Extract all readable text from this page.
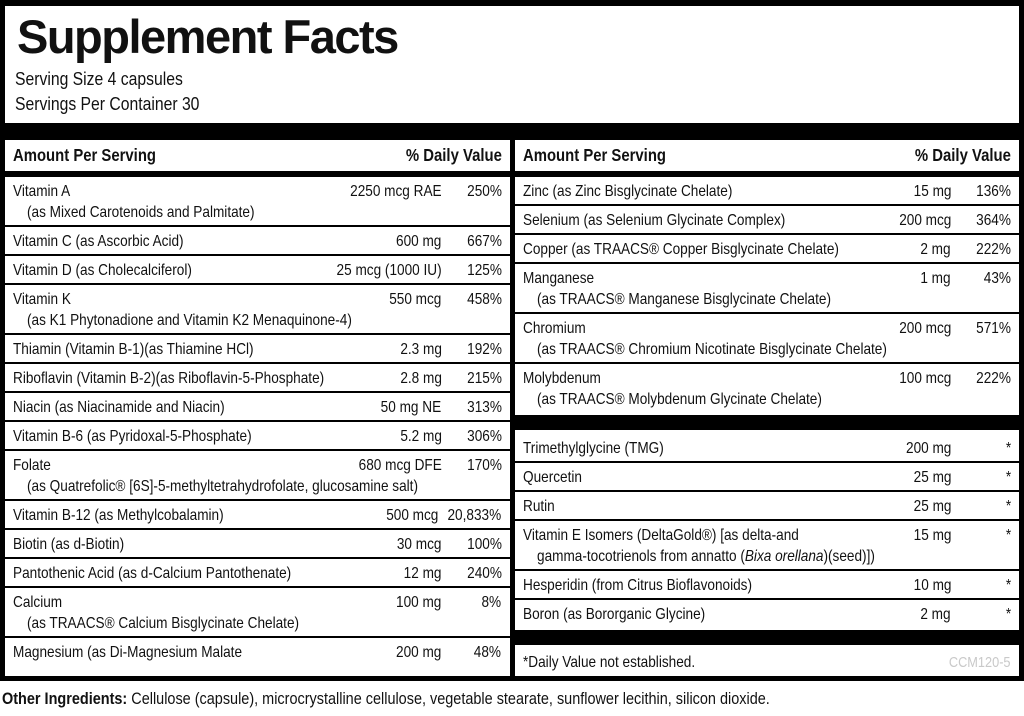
Supplement Facts
Serving Size 4 capsules
Servings Per Container 30
Amount Per Serving	% Daily Value
Vitamin A	2250 mcg RAE	250%
(as Mixed Carotenoids and Palmitate)
Vitamin C (as Ascorbic Acid)	600 mg	667%
Vitamin D (as Cholecalciferol)	25 mcg (1000 IU)	125%
Vitamin K	550 mcg	458%
(as K1 Phytonadione and Vitamin K2 Menaquinone-4)
Thiamin (Vitamin B-1)(as Thiamine HCl)	2.3 mg	192%
Riboflavin (Vitamin B-2)(as Riboflavin-5-Phosphate)	2.8 mg	215%
Niacin (as Niacinamide and Niacin)	50 mg NE	313%
Vitamin B-6 (as Pyridoxal-5-Phosphate)	5.2 mg	306%
Folate	680 mcg DFE	170%
(as Quatrefolic® [6S]-5-methyltetrahydrofolate, glucosamine salt)
Vitamin B-12 (as Methylcobalamin)	500 mcg 20,833%
Biotin (as d-Biotin)	30 mcg	100%
Pantothenic Acid (as d-Calcium Pantothenate)	12 mg	240%
Calcium	100 mg	8%
(as TRAACS® Calcium Bisglycinate Chelate)
Magnesium (as Di-Magnesium Malate	200 mg	48%
Amount Per Serving	% Daily Value
Zinc (as Zinc Bisglycinate Chelate)	15 mg	136%
Selenium (as Selenium Glycinate Complex)	200 mcg	364%
Copper (as TRAACS® Copper Bisglycinate Chelate)	2 mg	222%
Manganese	1 mg	43%
(as TRAACS® Manganese Bisglycinate Chelate)
Chromium	200 mcg	571%
(as TRAACS® Chromium Nicotinate Bisglycinate Chelate)
Molybdenum	100 mcg	222%
(as TRAACS® Molybdenum Glycinate Chelate)
Trimethylglycine (TMG)	200 mg	*
Quercetin	25 mg	*
Rutin	25 mg	*
Vitamin E Isomers (DeltaGold®) [as delta-and	15 mg	*
gamma-tocotrienols from annatto (Bixa orellana)(seed)])
Hesperidin (from Citrus Bioflavonoids)	10 mg	*
Boron (as Bororganic Glycine)	2 mg	*
*Daily Value not established.	CCM120-5
Other Ingredients: Cellulose (capsule), microcrystalline cellulose, vegetable stearate, sunflower lecithin, silicon dioxide.
